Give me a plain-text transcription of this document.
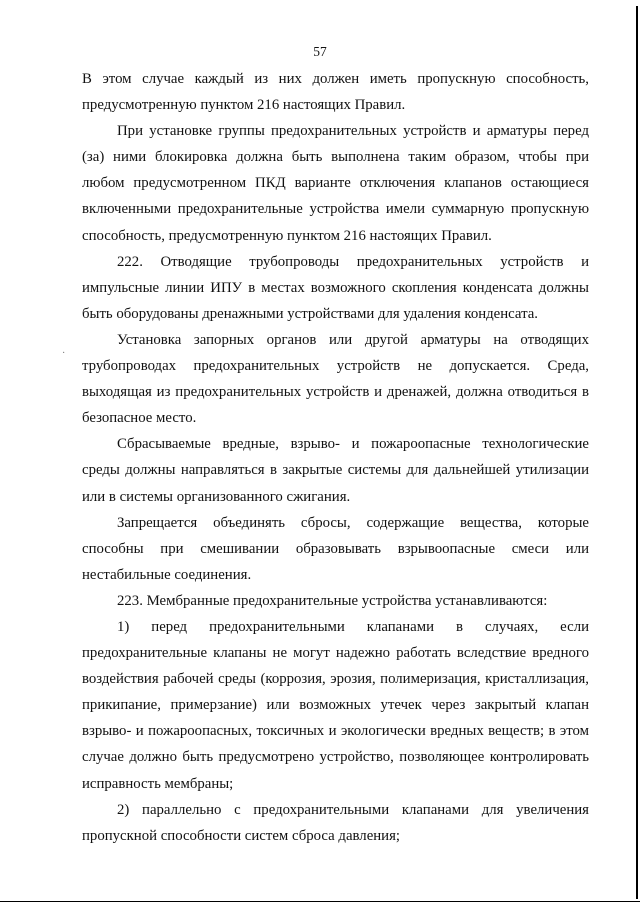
·
57

В этом случае каждый из них должен иметь пропускную способность, предусмотренную пунктом 216 настоящих Правил.

При установке группы предохранительных устройств и арматуры перед (за) ними блокировка должна быть выполнена таким образом, чтобы при любом предусмотренном ПКД варианте отключения клапанов остающиеся включенными предохранительные устройства имели суммарную пропускную способность, предусмотренную пунктом 216 настоящих Правил.

222. Отводящие трубопроводы предохранительных устройств и импульсные линии ИПУ в местах возможного скопления конденсата должны быть оборудованы дренажными устройствами для удаления конденсата.

Установка запорных органов или другой арматуры на отводящих трубопроводах предохранительных устройств не допускается. Среда, выходящая из предохранительных устройств и дренажей, должна отводиться в безопасное место.

Сбрасываемые вредные, взрыво- и пожароопасные технологические среды должны направляться в закрытые системы для дальнейшей утилизации или в системы организованного сжигания.

Запрещается объединять сбросы, содержащие вещества, которые способны при смешивании образовывать взрывоопасные смеси или нестабильные соединения.

223. Мембранные предохранительные устройства устанавливаются:

1) перед предохранительными клапанами в случаях, если предохранительные клапаны не могут надежно работать вследствие вредного воздействия рабочей среды (коррозия, эрозия, полимеризация, кристаллизация, прикипание, примерзание) или возможных утечек через закрытый клапан взрыво- и пожароопасных, токсичных и экологически вредных веществ; в этом случае должно быть предусмотрено устройство, позволяющее контролировать исправность мембраны;

2) параллельно с предохранительными клапанами для увеличения пропускной способности систем сброса давления;
